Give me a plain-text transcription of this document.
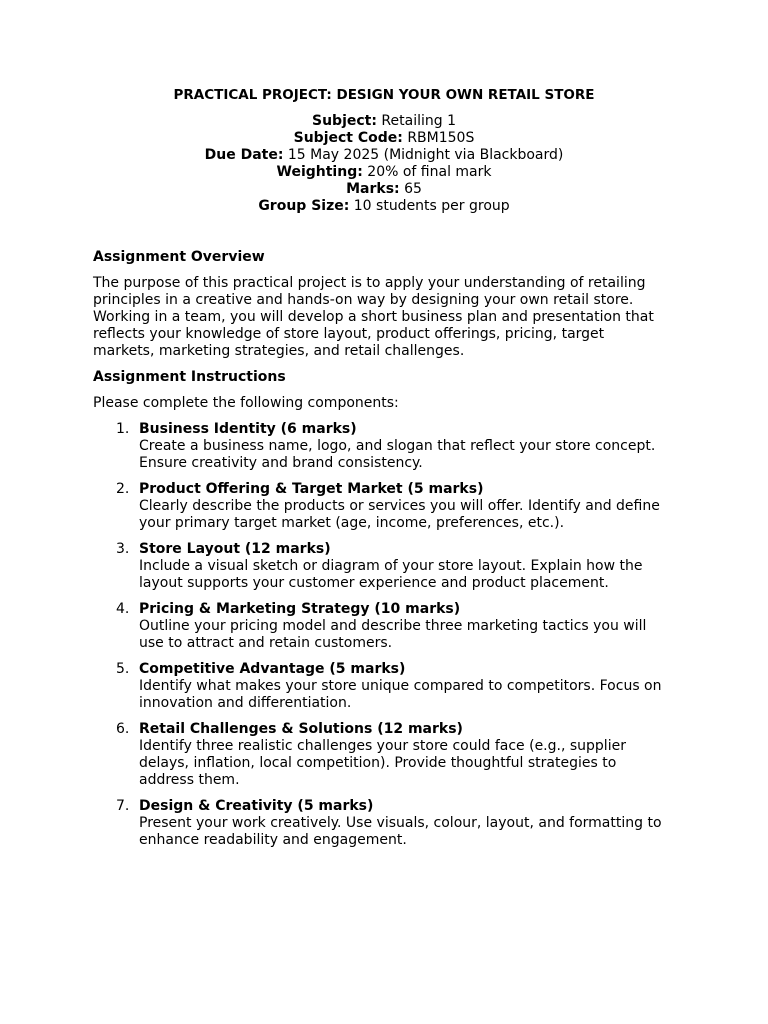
PRACTICAL PROJECT: DESIGN YOUR OWN RETAIL STORE

Subject: Retailing 1

Subject Code: RBM150S

Due Date: 15 May 2025 (Midnight via Blackboard)

Weighting: 20% of final mark

Marks: 65

Group Size: 10 students per group

Assignment Overview

The purpose of this practical project is to apply your understanding of retailing
principles in a creative and hands-on way by designing your own retail store.
Working in a team, you will develop a short business plan and presentation that
reflects your knowledge of store layout, product offerings, pricing, target
markets, marketing strategies, and retail challenges.

Assignment Instructions

Please complete the following components:

1. Business Identity (6 marks)
Create a business name, logo, and slogan that reflect your store concept.
Ensure creativity and brand consistency.
2. Product Offering & Target Market (5 marks)
Clearly describe the products or services you will offer. Identify and define
your primary target market (age, income, preferences, etc.).
3. Store Layout (12 marks)
Include a visual sketch or diagram of your store layout. Explain how the
layout supports your customer experience and product placement.
4. Pricing & Marketing Strategy (10 marks)
Outline your pricing model and describe three marketing tactics you will
use to attract and retain customers.
5. Competitive Advantage (5 marks)
Identify what makes your store unique compared to competitors. Focus on
innovation and differentiation.
6. Retail Challenges & Solutions (12 marks)
Identify three realistic challenges your store could face (e.g., supplier
delays, inflation, local competition). Provide thoughtful strategies to
address them.
7. Design & Creativity (5 marks)
Present your work creatively. Use visuals, colour, layout, and formatting to
enhance readability and engagement.
